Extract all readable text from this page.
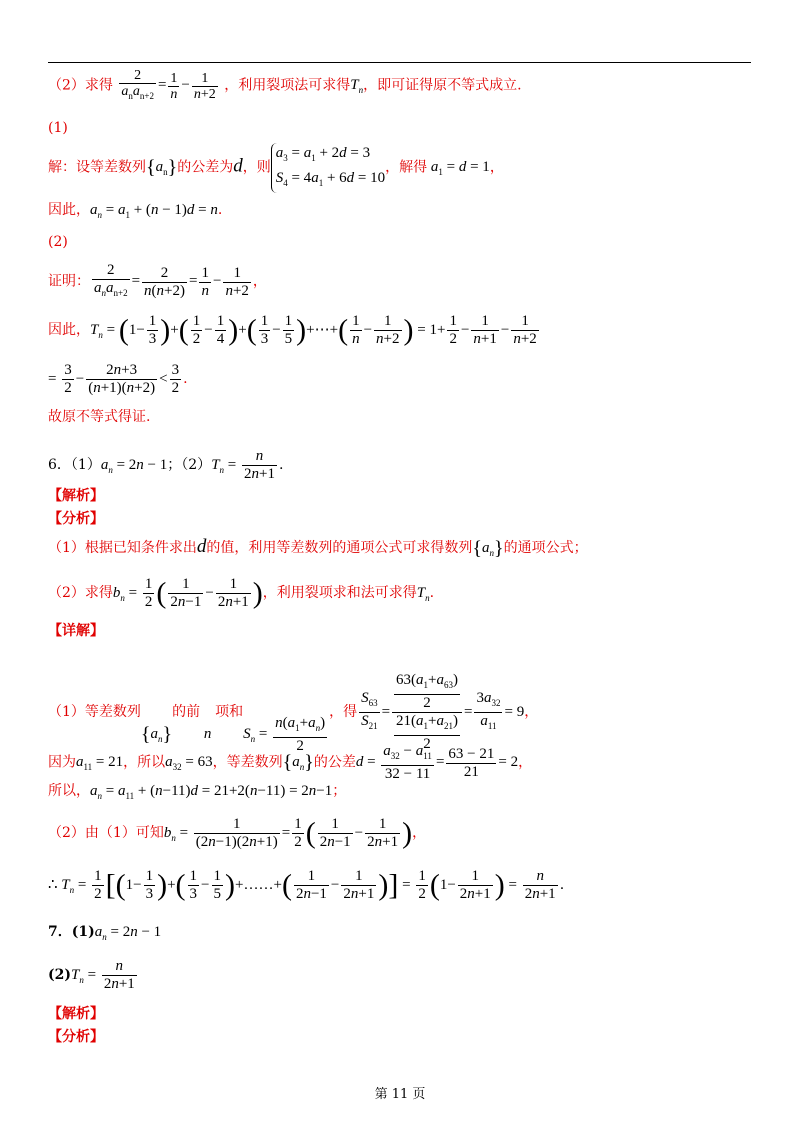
（2）求得 $\frac{2}{a_na_{n+2}} = \frac{1}{n} - \frac{1}{n+2}$ ，利用裂项法可求得$T_n$，即可证得原不等式成立.
(1)
解：设等差数列$\{a_n\}$的公差为d，则
$a_3 = a_1 + 2d = 3$
$S_4 = 4a_1 + 6d = 10$
，解得 $a_1 = d = 1$，
因此，$a_n = a_1 + (n - 1)d = n$.
(2)
证明： $\frac{2}{a_na_{n+2}} = \frac{2}{n(n+2)} = \frac{1}{n} - \frac{1}{n+2}$ ，
因此，$T_n = (1- \frac{1}{3}$ )+( $\frac{1}{2} - \frac{1}{4}$ )+( $\frac{1}{3} - \frac{1}{5}$ )+⋯+( $\frac{1}{n} - \frac{1}{n+2}$ ) = $1+ \frac{1}{2} - \frac{1}{n+1} - \frac{1}{n+2}$
= $\frac{3}{2} - \frac{2n+3}{(n+1)(n+2)} < \frac{3}{2}$ .
故原不等式得证.
6．$(1)a_n = 2n - 1$；$(2)T_n = \frac{n}{2n+1}$ .
【解析】
【分析】
（1）根据已知条件求出d的值，利用等差数列的通项公式可求得数列$\{a_n\}$的通项公式；
（2）求得$b_n = \frac{1}{2}$ ( $\frac{1}{2n-1} - \frac{1}{2n+1}$ )，利用裂项求和法可求得$T_n$.
【详解】
（1）等差数列$\{a_n\}$的前 n 项和$S_n = \frac{n(a_1+a_n)}{2}$
，得 $\frac{S_{63}}{S_{21}} = \frac{\frac{63(a_1+a_{63})}{2}}{\frac{21(a_1+a_{21})}{2}} = \frac{3a_{32}}{a_{11}} = 9$，
因为$a_{11} = 21$，所以$a_{32} = 63$，等差数列$\{a_n\}$的公差$d = \frac{a_{32} - a_{11}}{32 - 11} = \frac{63 - 21}{21} = 2$，
所以，$a_n = a_{11} + (n-11)d = 21+2(n-11) = 2n-1$；
（2）由（1）可知$b_n = \frac{1}{(2n-1)(2n+1)} = \frac{1}{2}$ ( $\frac{1}{2n-1} - \frac{1}{2n+1}$ )，
∴ $T_n = \frac{1}{2} [(1- \frac{1}{3}$ )+( $\frac{1}{3} - \frac{1}{5}$ )+……+( $\frac{1}{2n-1} - \frac{1}{2n+1}$ )] = $\frac{1}{2} (1- \frac{1}{2n+1}$ ) = $\frac{n}{2n+1}$ .
7．$(1)a_n = 2n - 1$
$(2)T_n = \frac{n}{2n+1}$
【解析】
【分析】
第 11 页
